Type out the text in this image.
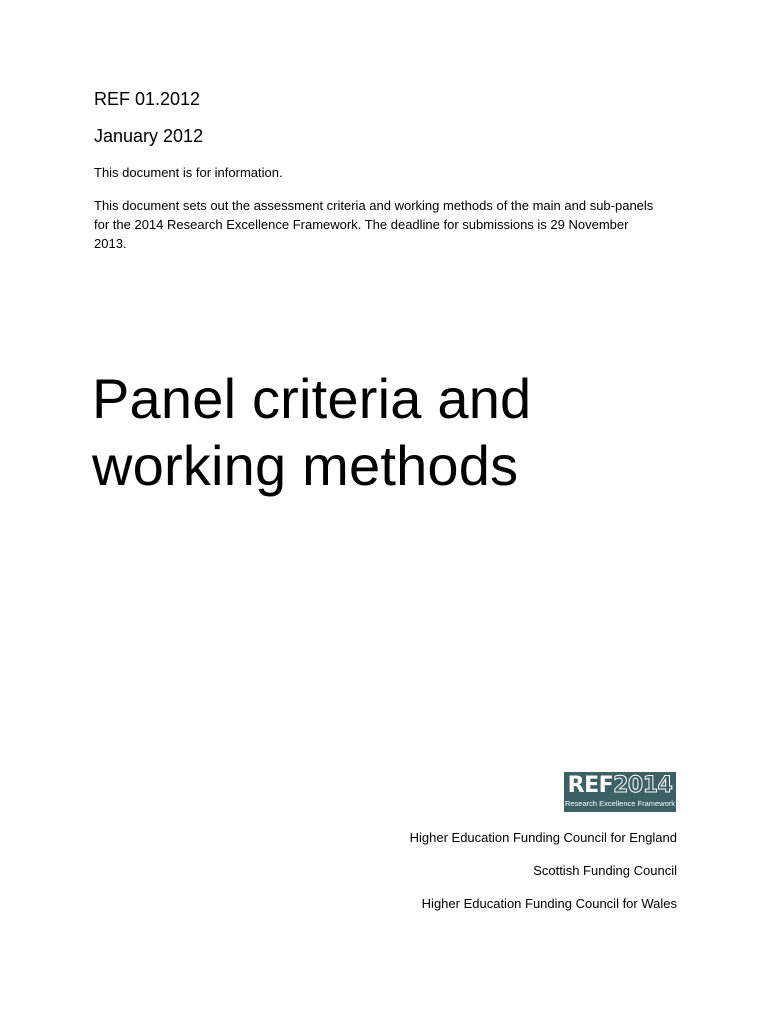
REF 01.2012

January 2012

This document is for information.

This document sets out the assessment criteria and working methods of the main and sub-panels for the 2014 Research Excellence Framework. The deadline for submissions is 29 November 2013.

Panel criteria and working methods
REF2014
Research Excellence Framework
Higher Education Funding Council for England
Scottish Funding Council
Higher Education Funding Council for Wales
